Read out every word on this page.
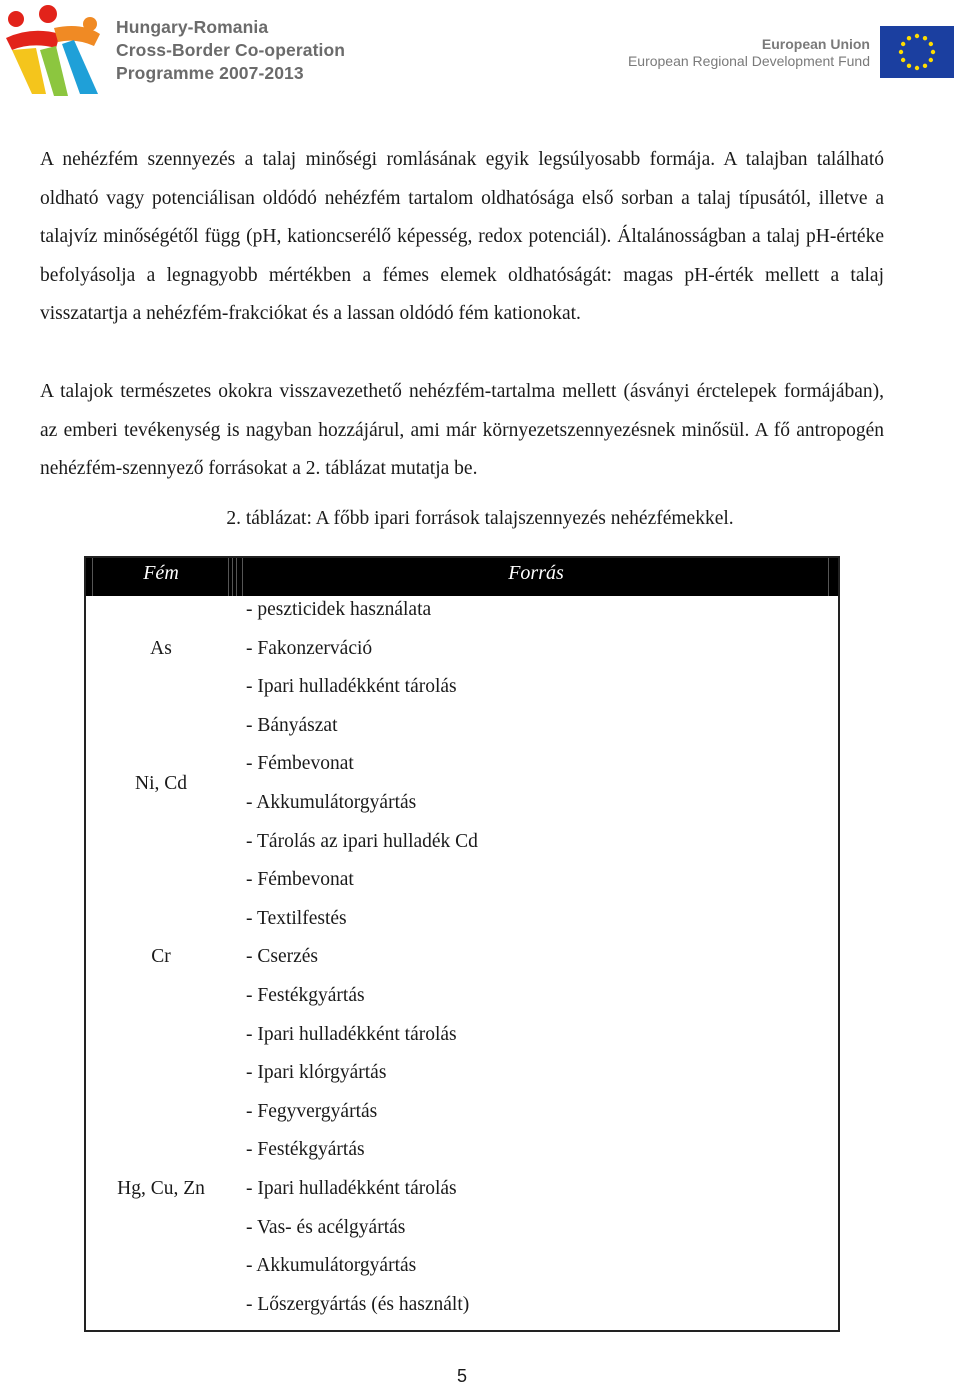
Hungary-Romania
Cross-Border Co-operation
Programme 2007-2013
European Union
European Regional Development Fund

A nehézfém szennyezés a talaj minőségi romlásának egyik legsúlyosabb formája. A talajban található oldható vagy potenciálisan oldódó nehézfém tartalom oldhatósága első sorban a talaj típusától, illetve a talajvíz minőségétől függ (pH, kationcserélő képesség, redox potenciál). Általánosságban a talaj pH-értéke befolyásolja a legnagyobb mértékben a fémes elemek oldhatóságát: magas pH-érték mellett a talaj visszatartja a nehézfém-frakciókat és a lassan oldódó fém kationokat.

A talajok természetes okokra visszavezethető nehézfém-tartalma mellett (ásványi érctelepek formájában), az emberi tevékenység is nagyban hozzájárul, ami már környezetszennyezésnek minősül. A fő antropogén nehézfém-szennyező forrásokat a 2. táblázat mutatja be.

2. táblázat: A főbb ipari források talajszennyezés nehézfémekkel.
Fém	Forrás
- peszticidek használata
- Fakonzerváció
- Ipari hulladékként tárolás
As
- Bányászat
- Fémbevonat
- Akkumulátorgyártás
- Tárolás az ipari hulladék Cd
Ni, Cd
- Fémbevonat
- Textilfestés
- Cserzés
- Festékgyártás
- Ipari hulladékként tárolás
Cr
- Ipari klórgyártás
- Fegyvergyártás
- Festékgyártás
- Ipari hulladékként tárolás
- Vas- és acélgyártás
- Akkumulátorgyártás
- Lőszergyártás (és használt)
Hg, Cu, Zn
5
